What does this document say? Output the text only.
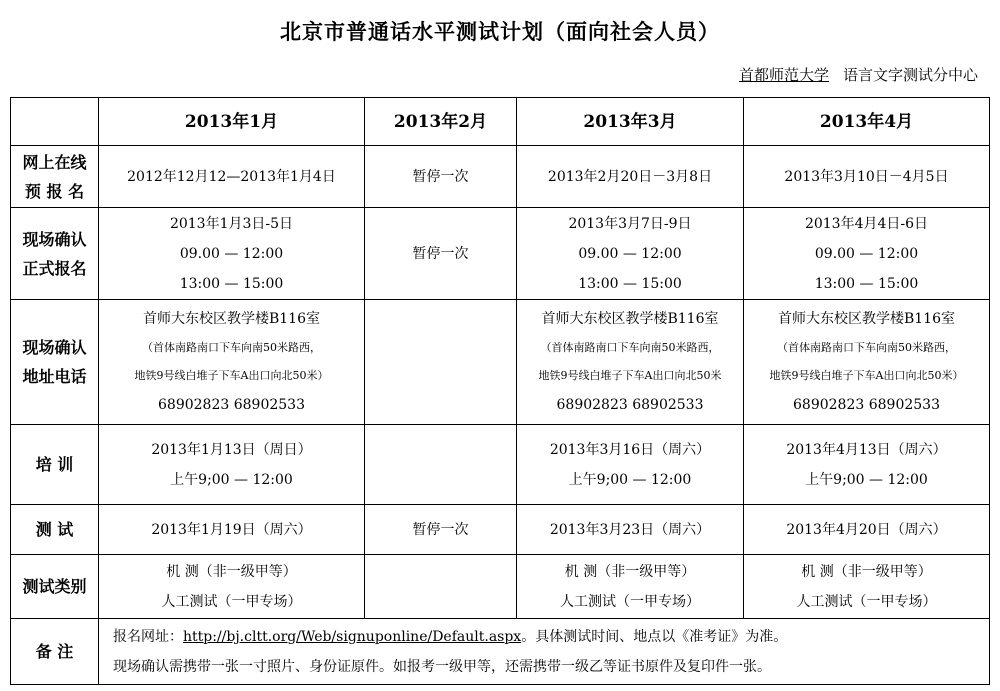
北京市普通话水平测试计划（面向社会人员）
首都师范大学 语言文字测试分中心
	2013年1月	2013年2月	2013年3月	2013年4月

网上在线
预 报 名	2012年12月12—2013年1月4日	暂停一次	2013年2月20日－3月8日	2013年3月10日－4月5日

现场确认
正式报名	2013年1月3日-5日
09.00 — 12:00
13:00 — 15:00	暂停一次	2013年3月7日-9日
09.00 — 12:00
13:00 — 15:00	2013年4月4日-6日
09.00 — 12:00
13:00 — 15:00

现场确认
地址电话	首师大东校区教学楼B116室
（首体南路南口下车向南50米路西，
地铁9号线白堆子下车A出口向北50米）
68902823 68902533		首师大东校区教学楼B116室
（首体南路南口下车向南50米路西，
地铁9号线白堆子下车A出口向北50米
68902823 68902533	首师大东校区教学楼B116室
（首体南路南口下车向南50米路西，
地铁9号线白堆子下车A出口向北50米）
68902823 68902533

培 训	2013年1月13日（周日）
上午9;00 — 12:00		2013年3月16日（周六）
上午9;00 — 12:00	2013年4月13日（周六）
上午9;00 — 12:00

测 试	2013年1月19日（周六）	暂停一次	2013年3月23日（周六）	2013年4月20日（周六）
测试类别	机 测（非一级甲等）
人工测试（一甲专场）		机 测（非一级甲等）
人工测试（一甲专场）	机 测（非一级甲等）
人工测试（一甲专场）

备 注	报名网址：http://bj.cltt.org/Web/signuponline/Default.aspx。具体测试时间、地点以《准考证》为准。
现场确认需携带一张一寸照片、身份证原件。如报考一级甲等，还需携带一级乙等证书原件及复印件一张。			
